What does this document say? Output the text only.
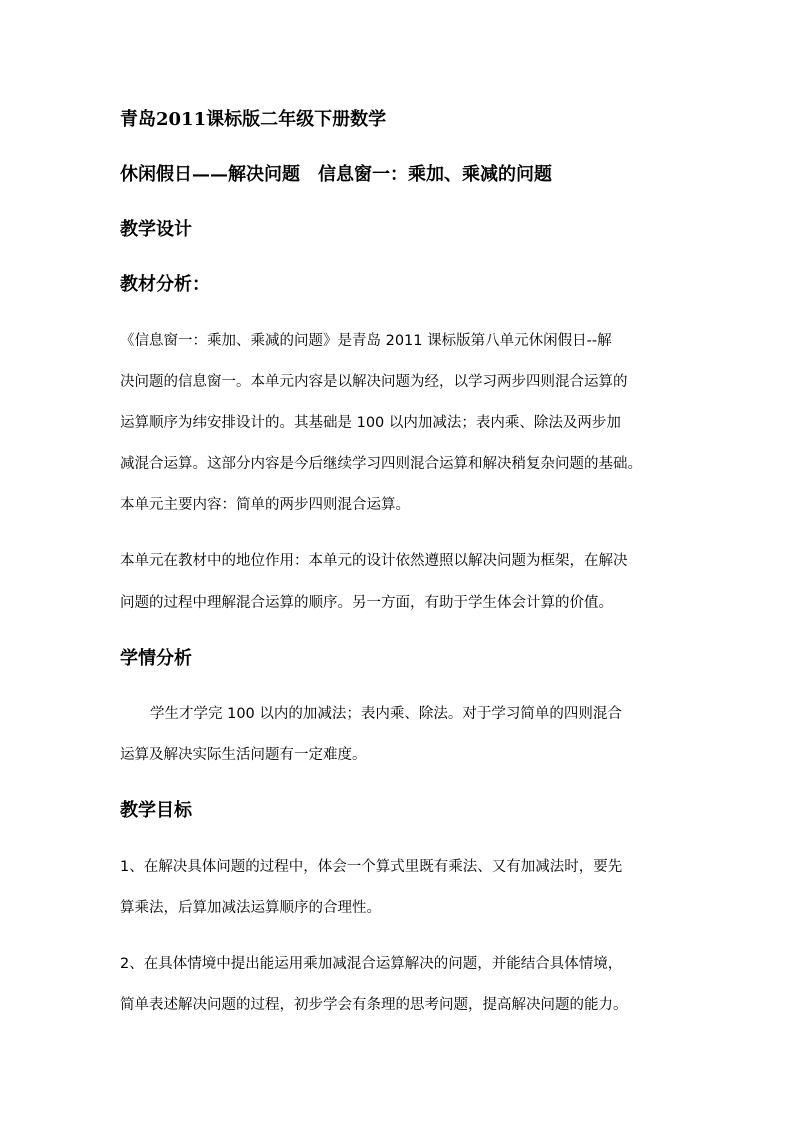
青岛2011课标版二年级下册数学

休闲假日——解决问题　信息窗一：乘加、乘减的问题

教学设计

教材分析：

《信息窗一：乘加、乘减的问题》是青岛 2011 课标版第八单元休闲假日--解

决问题的信息窗一。本单元内容是以解决问题为经，以学习两步四则混合运算的

运算顺序为纬安排设计的。其基础是 100 以内加减法；表内乘、除法及两步加

减混合运算。这部分内容是今后继续学习四则混合运算和解决稍复杂问题的基础。

本单元主要内容：简单的两步四则混合运算。

本单元在教材中的地位作用：本单元的设计依然遵照以解决问题为框架，在解决

问题的过程中理解混合运算的顺序。另一方面，有助于学生体会计算的价值。

学情分析

学生才学完 100 以内的加减法；表内乘、除法。对于学习简单的四则混合

运算及解决实际生活问题有一定难度。

教学目标

1、在解决具体问题的过程中，体会一个算式里既有乘法、又有加减法时，要先

算乘法，后算加减法运算顺序的合理性。

2、在具体情境中提出能运用乘加减混合运算解决的问题，并能结合具体情境，

简单表述解决问题的过程，初步学会有条理的思考问题，提高解决问题的能力。
